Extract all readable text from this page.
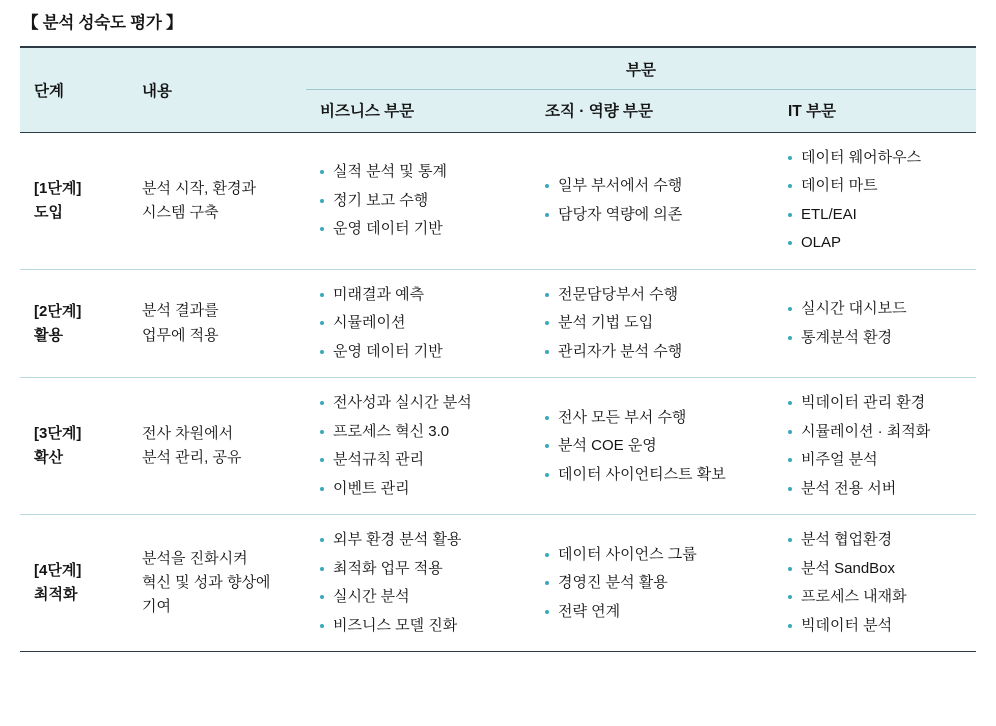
【 분석 성숙도 평가 】
단계	내용	부문		
		비즈니스 부문	조직 · 역량 부문	IT 부문

[1단계]
도입

분석 시작, 환경과
시스템 구축

실적 분석 및 통계
정기 보고 수행
운영 데이터 기반

일부 부서에서 수행
담당자 역량에 의존

데이터 웨어하우스
데이터 마트
ETL/EAI
OLAP

[2단계]
활용

분석 결과를
업무에 적용

미래결과 예측
시뮬레이션
운영 데이터 기반

전문담당부서 수행
분석 기법 도입
관리자가 분석 수행

실시간 대시보드
통계분석 환경

[3단계]
확산

전사 차원에서
분석 관리, 공유

전사성과 실시간 분석
프로세스 혁신 3.0
분석규칙 관리
이벤트 관리

전사 모든 부서 수행
분석 COE 운영
데이터 사이언티스트 확보

빅데이터 관리 환경
시뮬레이션 · 최적화
비주얼 분석
분석 전용 서버

[4단계]
최적화

분석을 진화시켜
혁신 및 성과 향상에
기여

외부 환경 분석 활용
최적화 업무 적용
실시간 분석
비즈니스 모델 진화

데이터 사이언스 그룹
경영진 분석 활용
전략 연계

분석 협업환경
분석 SandBox
프로세스 내재화
빅데이터 분석
